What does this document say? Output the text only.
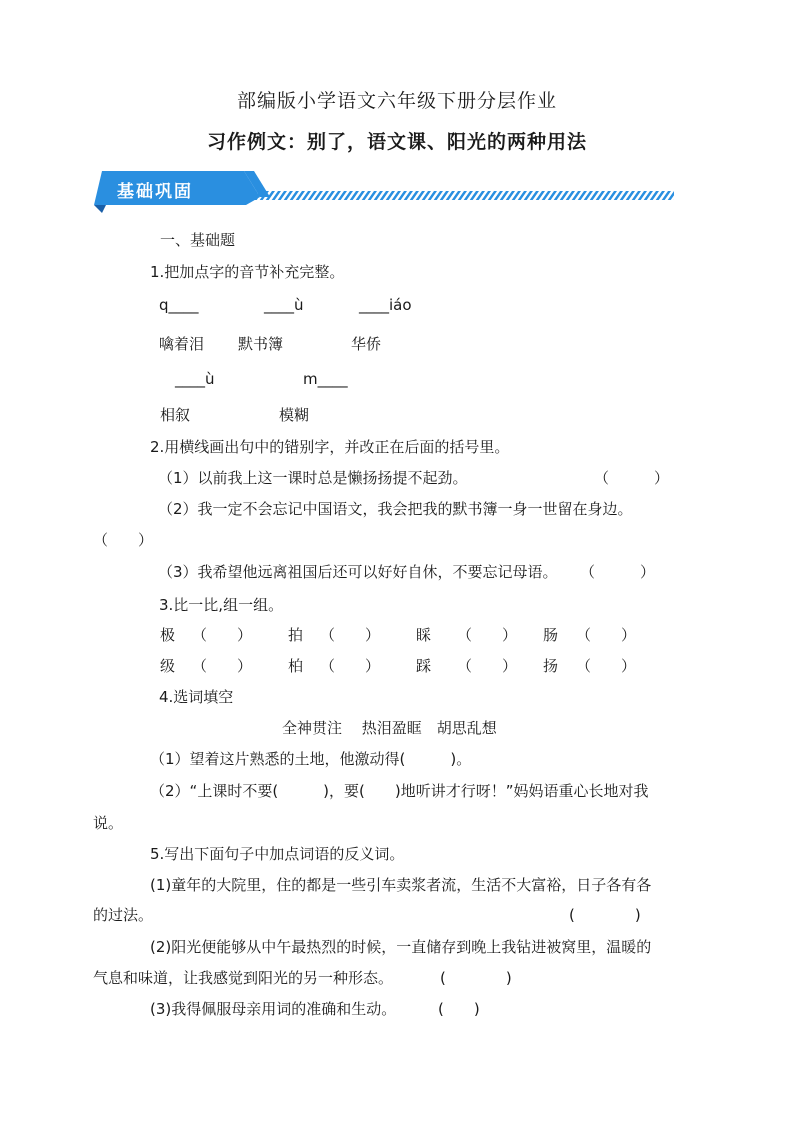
部编版小学语文六年级下册分层作业
习作例文：别了，语文课、阳光的两种用法
基础巩固
一、基础题
1.把加点字的音节补充完整。
q____	____ù	____iáo
噙着泪 默书簿	华侨
____ù	m____
相叙	模糊
2.用横线画出句中的错别字，并改正在后面的括号里。
（1）以前我上这一课时总是懒扬扬提不起劲。	（　　　）
（2）我一定不会忘记中国语文，我会把我的默书簿一身一世留在身边。
（　　）
（3）我希望他远离祖国后还可以好好自休，不要忘记母语。 （　　　）
3.比一比,组一组。
极 （　　） 拍 （　　） 睬 （　　） 肠 （　　）
级 （　　） 柏 （　　） 踩 （　　） 扬 （　　）
4.选词填空
全神贯注　 热泪盈眶　胡思乱想
（1）望着这片熟悉的土地，他激动得(　　　)。
（2）“上课时不要(　　　)，要(　　)地听讲才行呀！”妈妈语重心长地对我
说。
5.写出下面句子中加点词语的反义词。
(1)童年的大院里，住的都是一些引车卖浆者流，生活不大富裕，日子各有各
的过法。	(　　　　)
(2)阳光便能够从中午最热烈的时候，一直储存到晚上我钻进被窝里，温暖的
气息和味道，让我感觉到阳光的另一种形态。	(　　　　)
(3)我得佩服母亲用词的准确和生动。	(　　)
